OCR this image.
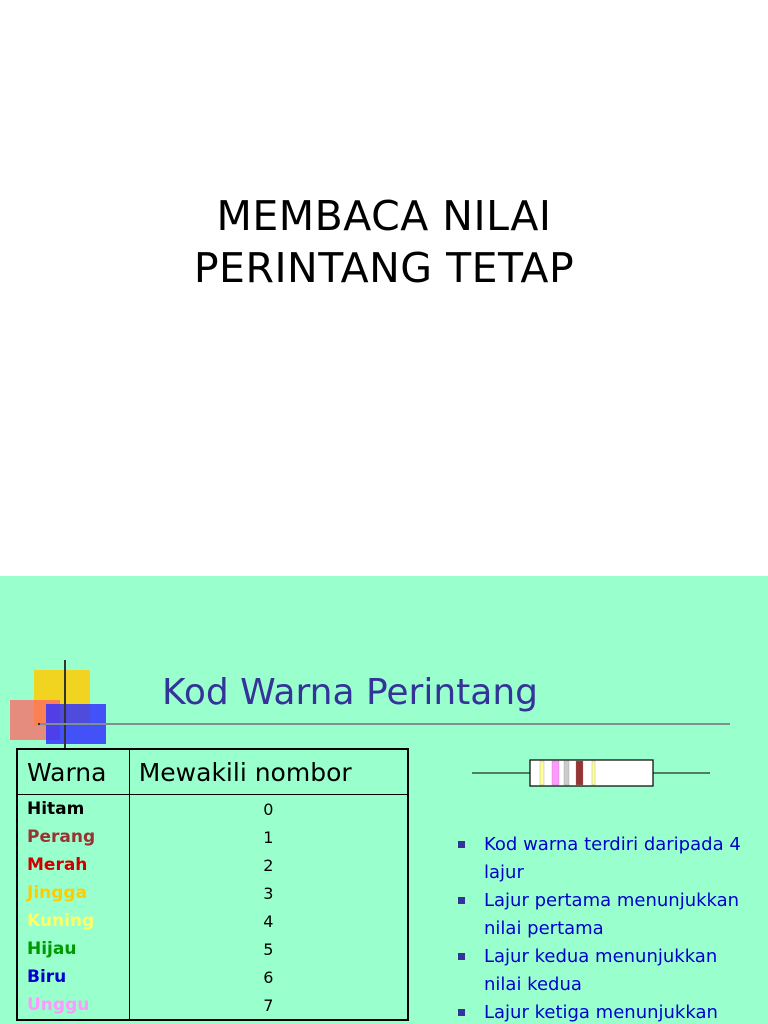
MEMBACA NILAI
PERINTANG TETAP
Kod Warna Perintang
Warna	Mewakili nombor
Hitam	0
Perang	1
Merah	2
Jingga	3
Kuning	4
Hijau	5
Biru	6
Unggu	7
Kod warna terdiri daripada 4 lajur
Lajur pertama menunjukkan nilai pertama
Lajur kedua menunjukkan nilai kedua
Lajur ketiga menunjukkan
